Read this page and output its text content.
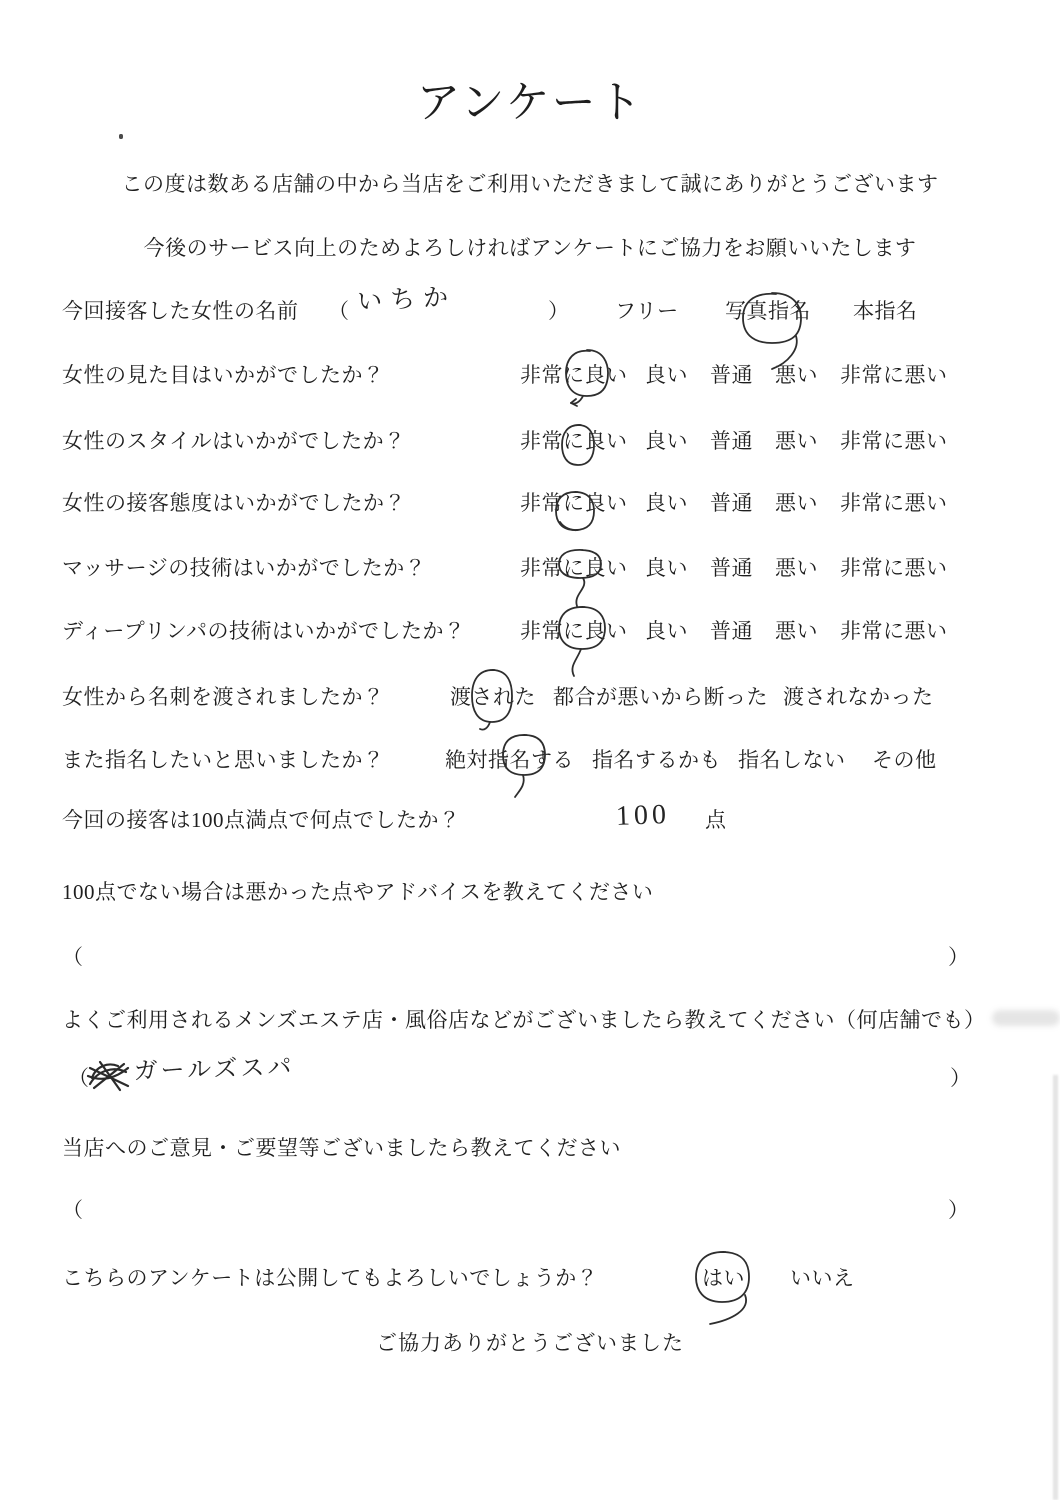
アンケート
この度は数ある店舗の中から当店をご利用いただきまして誠にありがとうございます
今後のサービス向上のためよろしければアンケートにご協力をお願いいたします
今回接客した女性の名前 （ いちか	） フリー 写真指名 本指名
女性の見た目はいかがでしたか？	非常に良い 良い 普通 悪い 非常に悪い
女性のスタイルはいかがでしたか？	非常に良い 良い 普通 悪い 非常に悪い
女性の接客態度はいかがでしたか？	非常に良い 良い 普通 悪い 非常に悪い
マッサージの技術はいかがでしたか？	非常に良い 良い 普通 悪い 非常に悪い
ディープリンパの技術はいかがでしたか？	非常に良い 良い 普通 悪い 非常に悪い
女性から名刺を渡されましたか？	渡された 都合が悪いから断った 渡されなかった
また指名したいと思いましたか？	絶対指名する 指名するかも 指名しない その他
今回の接客は100点満点で何点でしたか？	100 点
100点でない場合は悪かった点やアドバイスを教えてください
（	）
よくご利用されるメンズエステ店・風俗店などがございましたら教えてください（何店舗でも）
（ ガールズスパ	）
当店へのご意見・ご要望等ございましたら教えてください
（	）
こちらのアンケートは公開してもよろしいでしょうか？	はい いいえ
ご協力ありがとうございました
